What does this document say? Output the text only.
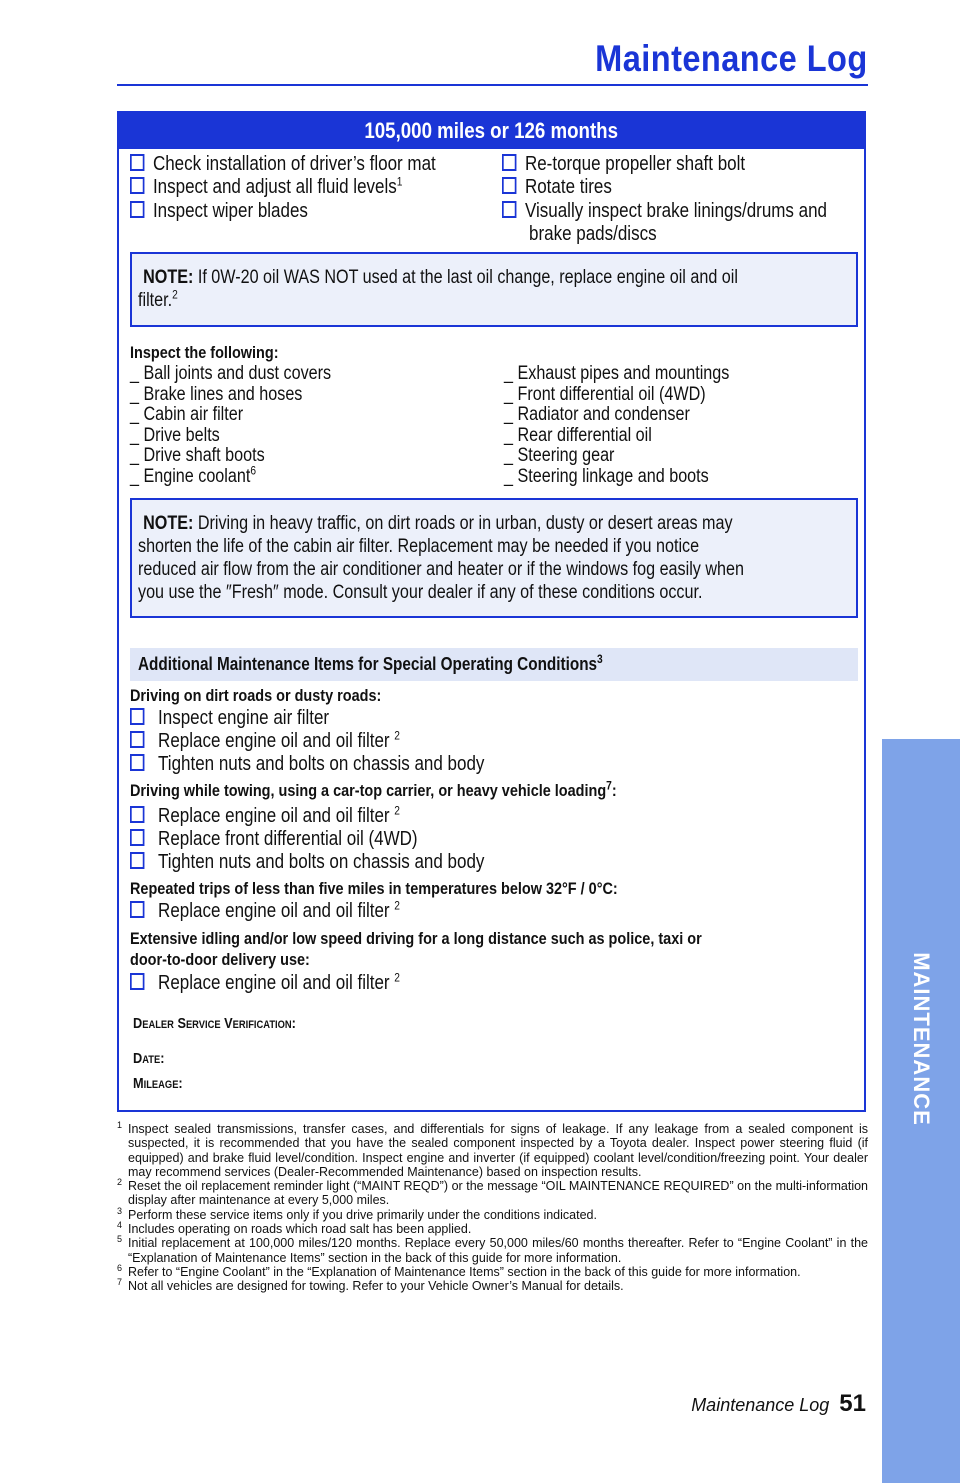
Maintenance Log
MAINTENANCE
105,000 miles or 126 months
Check installation of driver’s floor mat
Inspect and adjust all fluid levels$^1$
Inspect wiper blades
Re-torque propeller shaft bolt
Rotate tires
Visually inspect brake linings/drums and
brake pads/discs
NOTE: If 0W-20 oil WAS NOT used at the last oil change, replace engine oil and oil
filter.$^2$
Inspect the following:
_ Ball joints and dust covers
_ Brake lines and hoses
_ Cabin air filter
_ Drive belts
_ Drive shaft boots
_ Engine coolant$^6$
_ Exhaust pipes and mountings
_ Front differential oil (4WD)
_ Radiator and condenser
_ Rear differential oil
_ Steering gear
_ Steering linkage and boots
NOTE: Driving in heavy traffic, on dirt roads or in urban, dusty or desert areas may
shorten the life of the cabin air filter. Replacement may be needed if you notice
reduced air flow from the air conditioner and heater or if the windows fog easily when
you use the ″Fresh″ mode. Consult your dealer if any of these conditions occur.
Additional Maintenance Items for Special Operating Conditions$^3$
Driving on dirt roads or dusty roads:
Inspect engine air filter
Replace engine oil and oil filter $^2$
Tighten nuts and bolts on chassis and body
Driving while towing, using a car-top carrier, or heavy vehicle loading$^7$:
Replace engine oil and oil filter $^2$
Replace front differential oil (4WD)
Tighten nuts and bolts on chassis and body
Repeated trips of less than five miles in temperatures below 32°F / 0°C:
Replace engine oil and oil filter $^2$
Extensive idling and/or low speed driving for a long distance such as police, taxi or
door-to-door delivery use:
Replace engine oil and oil filter $^2$
Dealer Service Verification:
Date:
Mileage:
1 Inspect sealed transmissions, transfer cases, and differentials for signs of leakage. If any leakage from a sealed component is suspected, it is recommended that you have the sealed component inspected by a Toyota dealer. Inspect power steering fluid (if equipped) and brake fluid level/condition. Inspect engine and inverter (if equipped) coolant level/condition/freezing point. Your dealer may recommend services (Dealer-Recommended Maintenance) based on inspection results.
2 Reset the oil replacement reminder light (“MAINT REQD”) or the message “OIL MAINTENANCE REQUIRED” on the multi-information display after maintenance at every 5,000 miles.
3 Perform these service items only if you drive primarily under the conditions indicated.
4 Includes operating on roads which road salt has been applied.
5 Initial replacement at 100,000 miles/120 months. Replace every 50,000 miles/60 months thereafter. Refer to “Engine Coolant” in the “Explanation of Maintenance Items” section in the back of this guide for more information.
6 Refer to “Engine Coolant” in the “Explanation of Maintenance Items” section in the back of this guide for more information.
7 Not all vehicles are designed for towing. Refer to your Vehicle Owner’s Manual for details.
Maintenance Log 51
